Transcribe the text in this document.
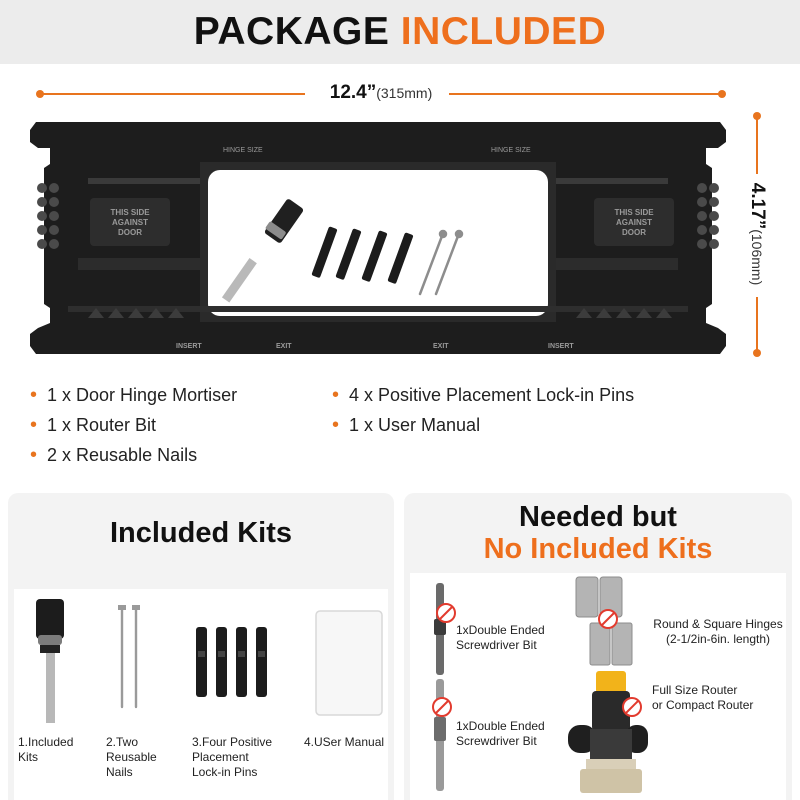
PACKAGE INCLUDED
12.4”(315mm)
4.17”(106mm)
HINGE SIZE	HINGE SIZE
THIS SIDE
AGAINST
DOOR
THIS SIDE
AGAINST
DOOR
INSERT	EXIT	EXIT	INSERT
• 1 x Door Hinge Mortiser
• 1 x Router Bit
• 2 x Reusable Nails
• 4 x Positive Placement Lock-in Pins
• 1 x User Manual
Included Kits
1.Included
Kits
2.Two
Reusable
Nails
3.Four Positive
Placement
Lock-in Pins
4.USer Manual
Needed but
No Included Kits
1xDouble Ended
Screwdriver Bit
Round & Square Hinges
(2-1/2in-6in. length)
1xDouble Ended
Screwdriver Bit
Full Size Router
or Compact Router
